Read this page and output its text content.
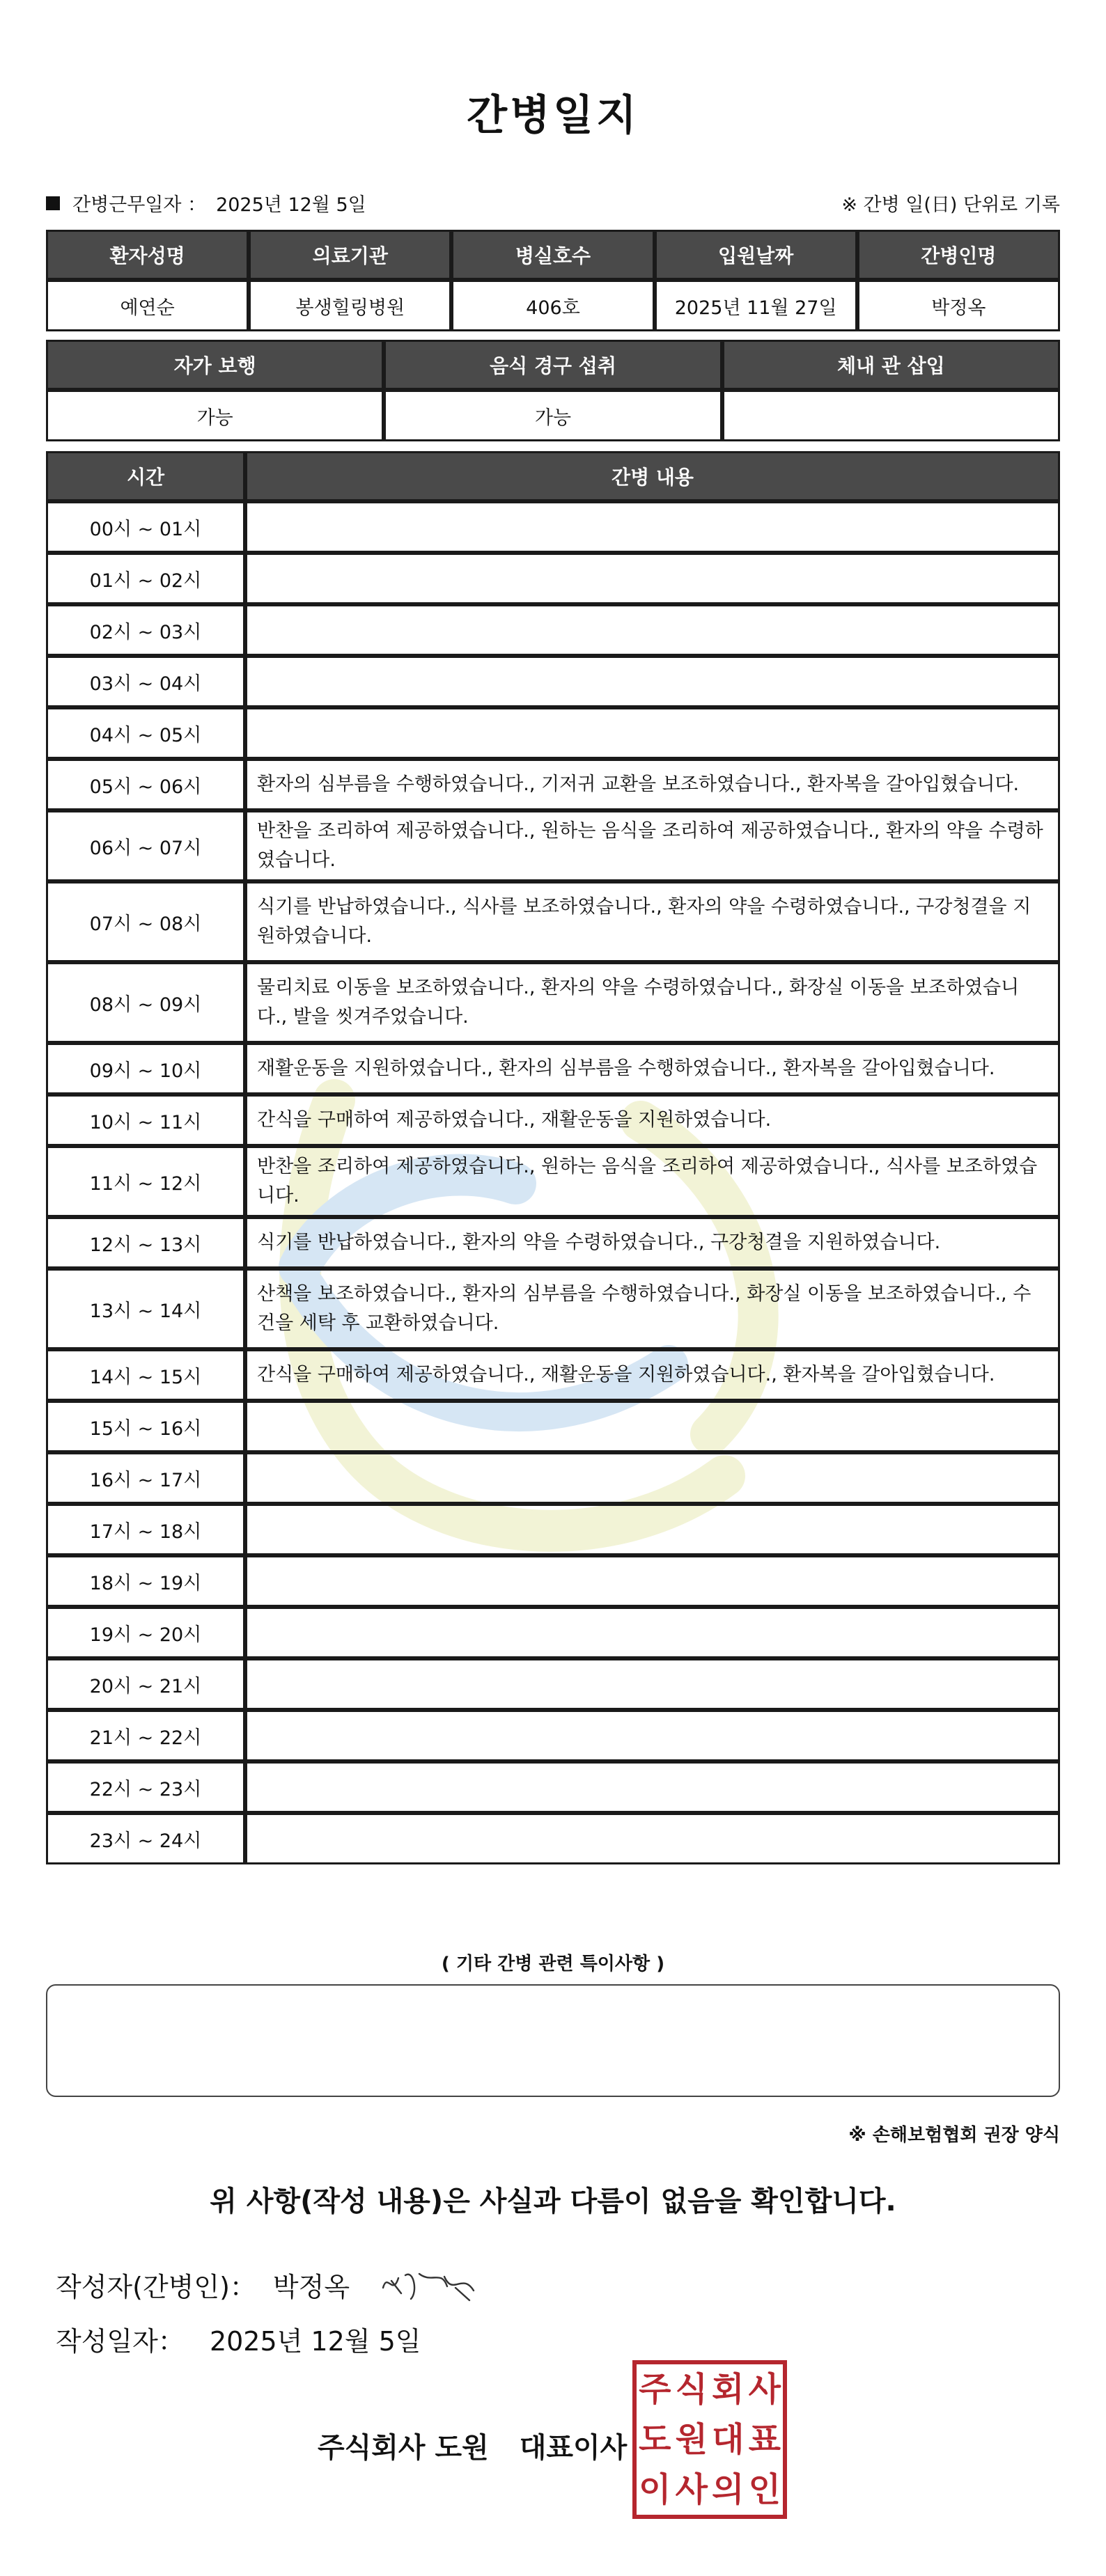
간병일지
간병근무일자 ： 2025년 12월 5일	※ 간병 일(日) 단위로 기록
환자성명	의료기관	병실호수	입원날짜	간병인명
예연순	봉생힐링병원	406호	2025년 11월 27일	박정옥
자가 보행	음식 경구 섭취	체내 관 삽입
가능	가능	
시간	간병 내용
00시 ~ 01시	
01시 ~ 02시	
02시 ~ 03시	
03시 ~ 04시	
04시 ~ 05시	
05시 ~ 06시	환자의 심부름을 수행하였습니다., 기저귀 교환을 보조하였습니다., 환자복을 갈아입혔습니다.
06시 ~ 07시	반찬을 조리하여 제공하였습니다., 원하는 음식을 조리하여 제공하였습니다., 환자의 약을 수령하였습니다.
07시 ~ 08시	식기를 반납하였습니다., 식사를 보조하였습니다., 환자의 약을 수령하였습니다., 구강청결을 지원하였습니다.
08시 ~ 09시	물리치료 이동을 보조하였습니다., 환자의 약을 수령하였습니다., 화장실 이동을 보조하였습니다., 발을 씻겨주었습니다.
09시 ~ 10시	재활운동을 지원하였습니다., 환자의 심부름을 수행하였습니다., 환자복을 갈아입혔습니다.
10시 ~ 11시	간식을 구매하여 제공하였습니다., 재활운동을 지원하였습니다.
11시 ~ 12시	반찬을 조리하여 제공하였습니다., 원하는 음식을 조리하여 제공하였습니다., 식사를 보조하였습니다.
12시 ~ 13시	식기를 반납하였습니다., 환자의 약을 수령하였습니다., 구강청결을 지원하였습니다.
13시 ~ 14시	산책을 보조하였습니다., 환자의 심부름을 수행하였습니다., 화장실 이동을 보조하였습니다., 수건을 세탁 후 교환하였습니다.
14시 ~ 15시	간식을 구매하여 제공하였습니다., 재활운동을 지원하였습니다., 환자복을 갈아입혔습니다.
15시 ~ 16시	
16시 ~ 17시	
17시 ~ 18시	
18시 ~ 19시	
19시 ~ 20시	
20시 ~ 21시	
21시 ~ 22시	
22시 ~ 23시	
23시 ~ 24시	
( 기타 간병 관련 특이사항 )
※ 손해보험협회 권장 양식
위 사항(작성 내용)은 사실과 다름이 없음을 확인합니다.
작성자(간병인)： 박정옥
작성일자： 2025년 12월 5일
주식회사 도원 대표이사
주 식 회 사
도 원 대 표
이 사 의 인
